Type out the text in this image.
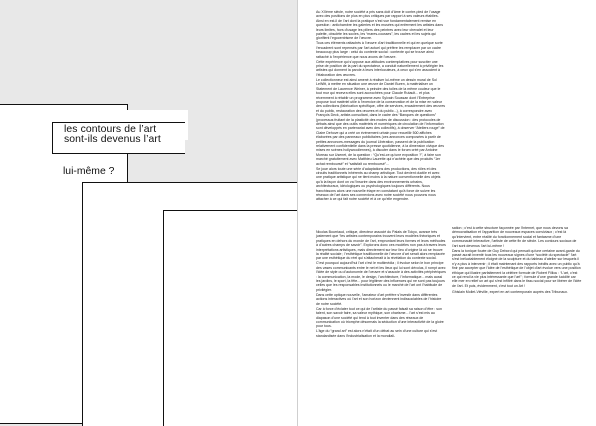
les contours de l’art
sont-ils devenus l’art
lui-même ?

Au XXème siècle, notre société a pris sans doit d’âme le contre-pied de l’usage avec des positions de plus en plus critiques par rapport à ses valeurs établies. Ainsi en est-il de l’art dont la pratique s’est vue fondamentalement remise en question : antichambre les galeries et les musées qui enferment les artistes dans leurs limites, hors d’usage les piliers des peintres avec leur chevalet et leur palette, obsolète les socles, les “mares-cousses”, les cadres et les sujets qui glorifient l’egocentrisme de l’œuvre.

Tous ces éléments rattachés à l’œuvre d’art traditionnelle et qui en quelque sorte l’encadrent sont repensés par l’art actuel qui préfère les remplacer par un cadre beaucoup plus large : celui du contexte social : contexte qui se trouve ainsi rattaché à l’expérience que nous avons de l’œuvre.

Cette expérience qui s’oppose aux attitudes contemplatives pour susciter une prise de position de la part du spectateur, a conduit naturellement à privilégier les artistes qui donnent la parole à leurs interlocuteurs, à ceux qui s’en associent à l’élaboration des œuvres.

Le collectionneur est ainsi amené à réaliser lui-même un dessin mural de Sol LeWitt, à mettre en situation une œuvre de Daniel Buren, à matérialiser un Statement de Laurence Weiner, à peindre des toiles de la même couleur que le tout mur qui recevra elles sont accrochées pour Claude Rutault... et plus récemment à rétablir un programme avec Sylvain Soussan dont l’Entreprise propose tout matériel utile à l’exercice de la conservation et de la mise en valeur des collections (fabrication spécifique, offre de services, encadrement des œuvres et du public, restauration des œuvres et du public...), à correspondre avec François Deck, artiste-consultant, dans le cadre des “Banques de questions” (processus fruitant de la plasticité des modes de discussion : des protocoles de débats ainsi que des outils matériels et numériques de circulation de l’information sont développés en partenariat avec des collectifs), à observer “Ateliers rouge” de Claire Dehove qui a créé un événement urbain pour recueillir 500 affiches élaborées par des panneaux publicitaires (ces annonces composées à partir de petites annonces-messages du journal Libération, passent de la publication relativement confidentielle dans la presse quotidienne, à la dimension civique des mises en scènes hollywoodiennes), à discuter dans le forum créé par Antoine Moreau sur Usenet, de la question : “Qu’est-ce qu’une exposition ?”, à faire son marché gratuitement avec Matthieu Laurette qui n’achète que des produits “1er achat remboursé” et “satisfait ou remboursé”...

Se joue alors toute une série d’adaptations des productions, des rôles et des circuits traditionnels inhérents au champ artistique. Tout devient ductile et avec une pratique artistique qui ne tient moins à la nature conventionnelle des objets qu’à la façon dont on va l’inscrire dans des environnements urbains, architecturaux, idéologiques ou psychologiques toujours différents. Nous franchissons alors une nouvelle étape en constatant qu’à force de suivre les réseaux de l’art dans ses connexions avec notre société nous pouvons nous attacher à ce qui fait notre société et à ce qu’elle engendre.

Nicolas Bourriaud, critique, directeur associé du Palais de Tokyo, avance très justement que “les artistes contemporains trouvent leurs modèles théoriques et pratiques en dehors du monde de l’art, empruntant leurs formes et leurs méthodes à d’autres champs de savoir”. Explorons donc ces modèles non pas à travers leurs interprétations artistiques, mais directement sur leur lieu d’origine là où se trouve la réalité sociale ; l’esthétique traditionnelle de l’œuvre d’art serait alors remplacée par une esthétique du réel qui s’attacherait à la révélation du contexte social.

C’est pourquoi aujourd’hui l’art c’est le multimédia ; il évolue selon le bon principe des vases communicants entre le net et les lieux qui lui sont dévolus, il rompt avec l’idée de style ou d’autonomie de l’œuvre et s’associe à des activités périphériques : la communication, la mode, le design, l’architecture, l’informatique... mais aussi les jardins, le sport, la fête... pour légitimer des influences qui ne sont pas toujours celles que les responsables institutionnels ou le marché de l’art ont l’habitude de privilégier.

Dans cette optique nouvelle, l’amateur d’art préfère s’investir dans différentes actions interactives où l’art et son horizon deviennent indissociables de l’histoire de notre société.

Car à force d’éclater tout ce qui de l’artiste du passé faisait sa raison d’être : son talent, son savoir faire, sa valeur mythique, son charisme... l’art s’est mis au diapason d’une société qui tend à tout inventer dans des réseaux de communication où triomphe désormais la séduction d’une interactivité de la gloire pour tous.

L’âge du “grand art” est alors n’était d’un débat au sein d’une culture qui s’est standardisée dans l’industrialisation et la mondiali-

sation ; c’est à cette structure façonnée par l’internet, que nous devons sa démocratisation et l’apparition de nouveaux espaces conviviaux ; c’est là qu’intervient, entre réalité du fonctionnement social et fantasme d’une communauté interactive, l’artiste de cette fin de siècle. Les contours sociaux de l’art sont devenus l’art lui-même !

Dans la tonique fouée de Guy Debord qui pensait qu’une certaine avant-garde du passé aurait inventé tous les nouveaux signes d’une “société du spectacle” l’art s’est inéluctablement éloigné de la sculpture et du tableau d’atelier sur lesquels il n’y a plus à intervenir ; il était maintenant des rapports inédits avec un public qu’à finir par accepter que l’idée de l’esthétique de l’objet d’art évolue vers une position éthique qui illustre parfaitement la célèbre formule de Robert Filliou : “L’art, c’est ce qui rend la vie plus intéressante que l’art” ; formule d’une grande lucidité car elle mer en relief un art qui s’est infiltré dans le tissu social pour se libérer de l’idée de l’art. Et puis, évidemment, c’est tout un Art !

Ghislain Mollet-Viéville, expert en art contemporain auprès des Tribunaux.
